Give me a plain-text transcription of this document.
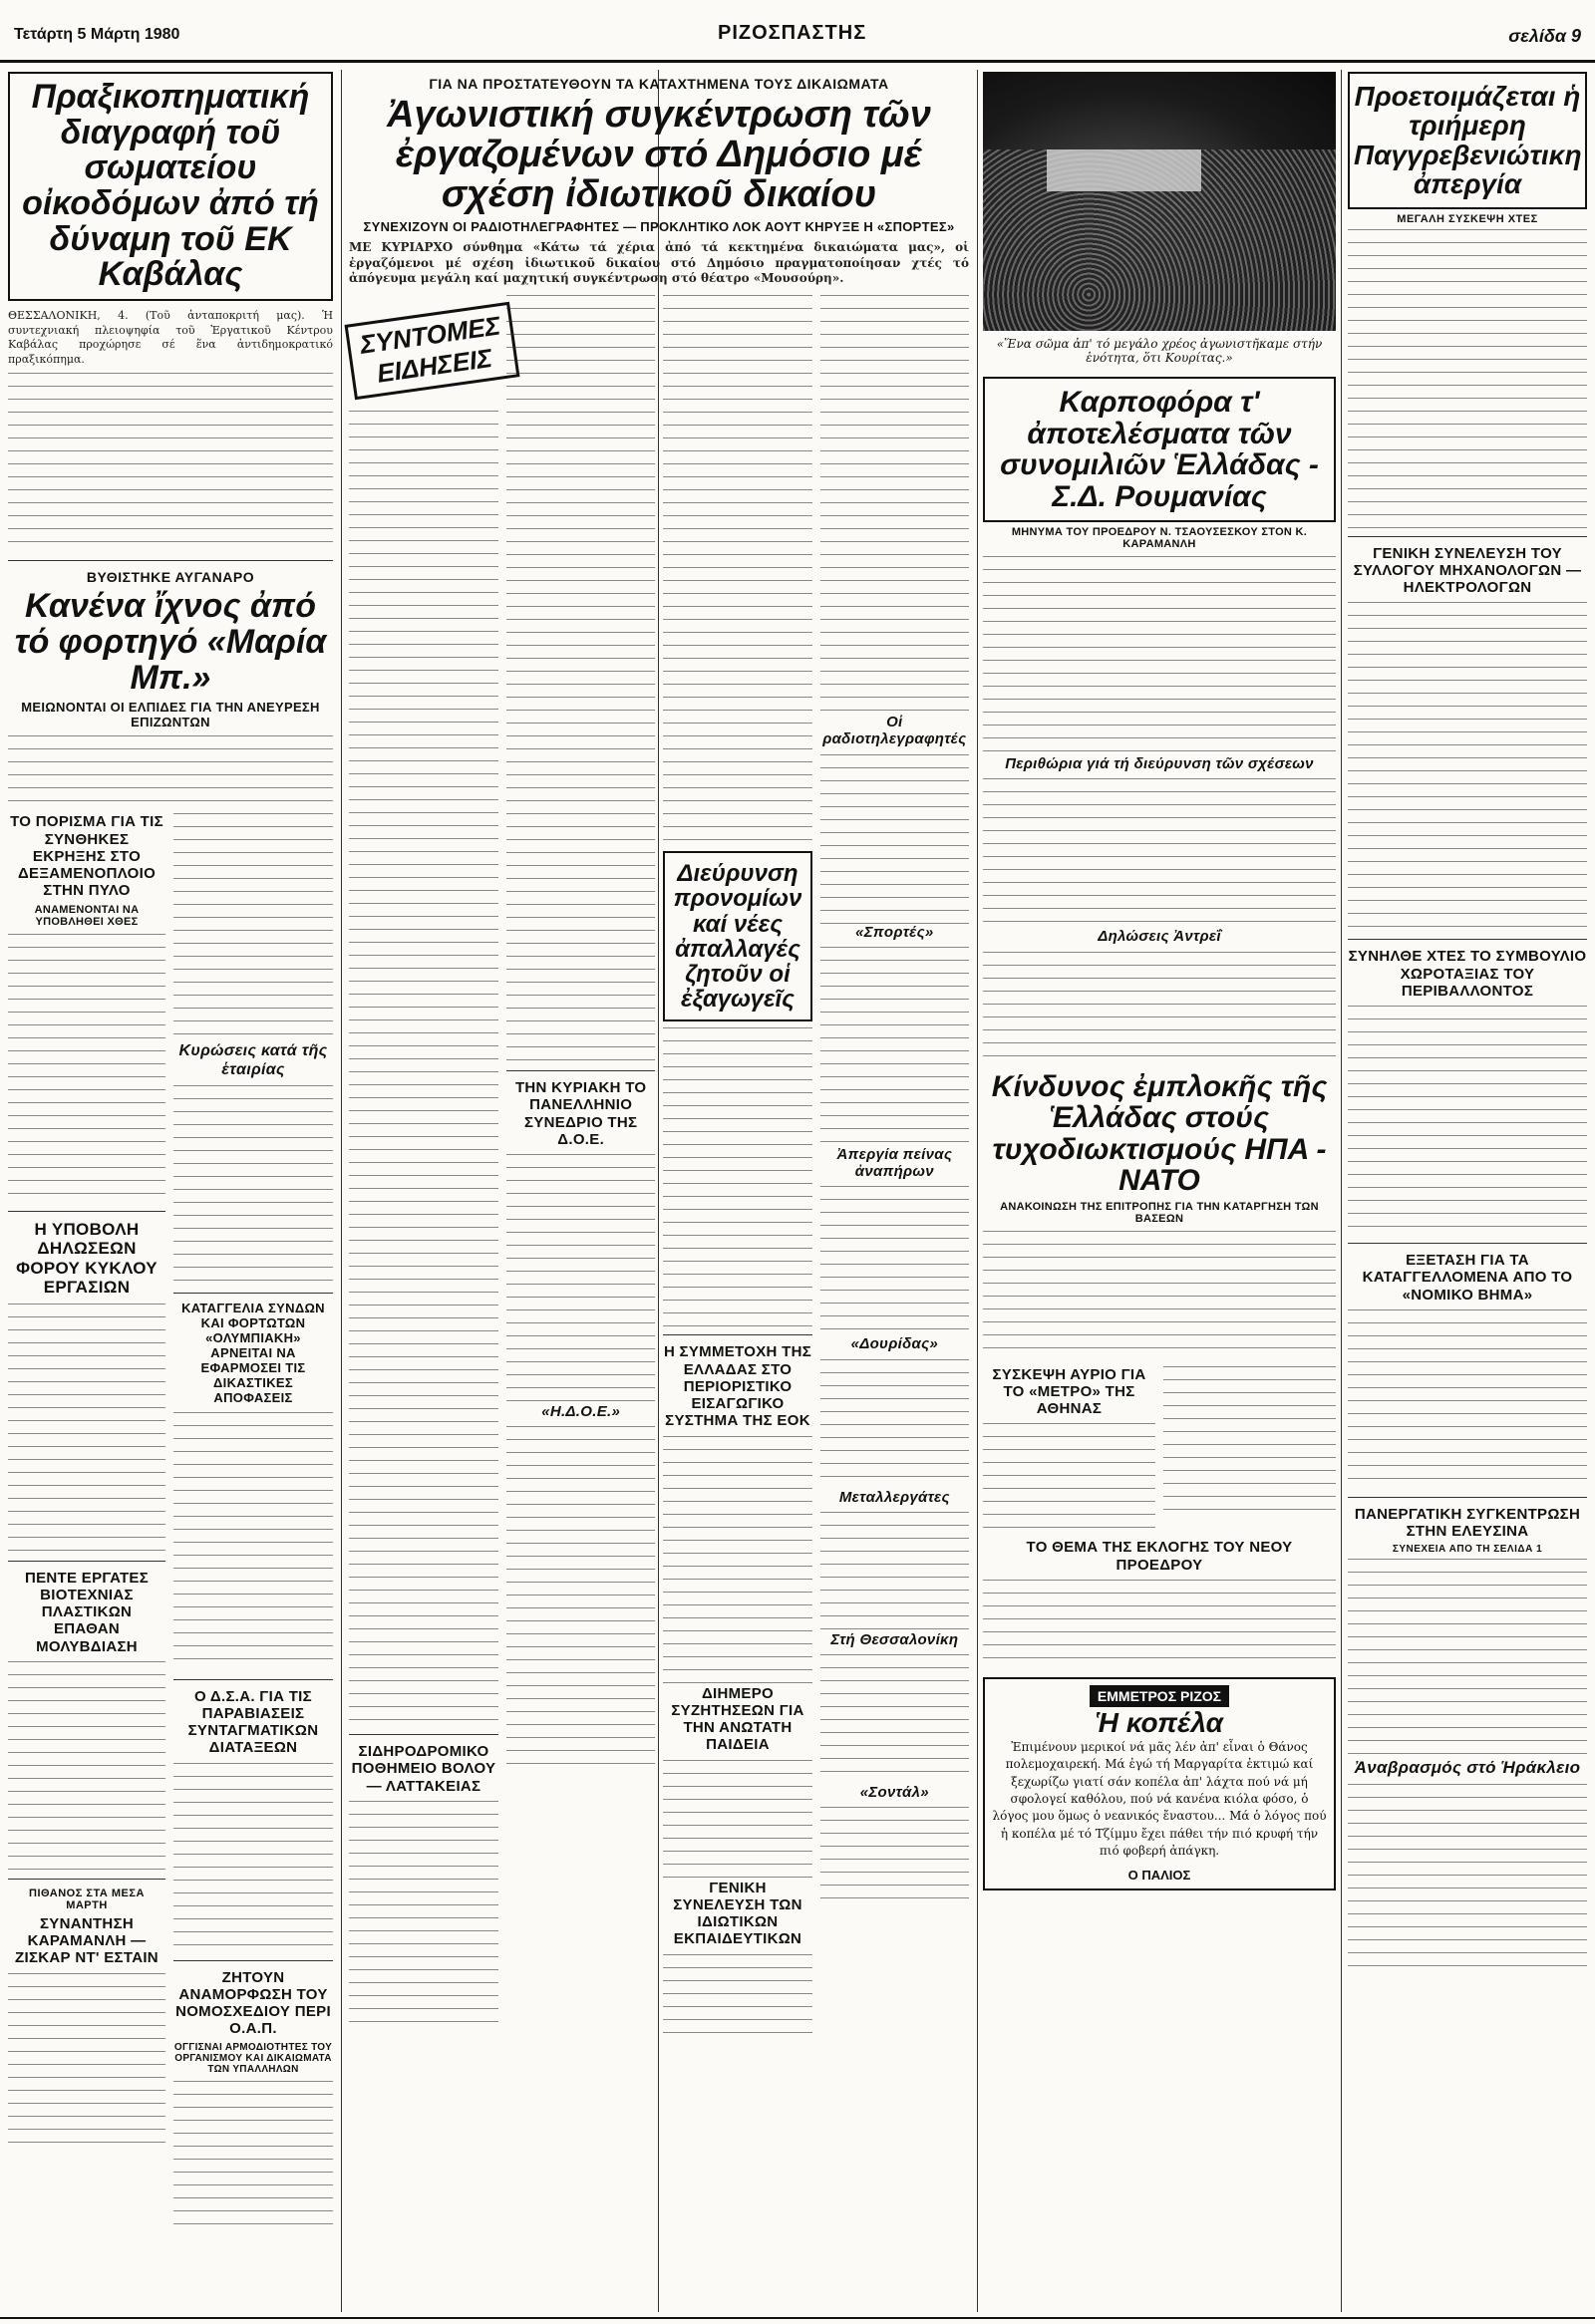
Τετάρτη 5 Μάρτη 1980	ΡΙΖΟΣΠΑΣΤΗΣ	σελίδα 9
Πραξικοπηματική διαγραφή τοῦ σωματείου οἰκοδόμων ἀπό τή δύναμη τοῦ ΕΚ Καβάλας
ΘΕΣΣΑΛΟΝΙΚΗ, 4. (Τοῦ ἀνταποκριτή μας). Ἡ συντεχνιακή πλειοψηφία τοῦ Ἐργατικοῦ Κέντρου Καβάλας προχώρησε σέ ἕνα ἀντιδημοκρατικό πραξικόπημα.
ΒΥΘΙΣΤΗΚΕ ΑΥΓΑΝΑΡΟ
Κανένα ἴχνος ἀπό τό φορτηγό «Μαρία Μπ.»
ΜΕΙΩΝΟΝΤΑΙ ΟΙ ΕΛΠΙΔΕΣ ΓΙΑ ΤΗΝ ΑΝΕΥΡΕΣΗ ΕΠΙΖΩΝΤΩΝ
ΤΟ ΠΟΡΙΣΜΑ ΓΙΑ ΤΙΣ ΣΥΝΘΗΚΕΣ ΕΚΡΗΞΗΣ ΣΤΟ ΔΕΞΑΜΕΝΟΠΛΟΙΟ ΣΤΗΝ ΠΥΛΟ
ΑΝΑΜΕΝΟΝΤΑΙ ΝΑ ΥΠΟΒΛΗΘΕΙ ΧΘΕΣ
Η ΥΠΟΒΟΛΗ ΔΗΛΩΣΕΩΝ ΦΟΡΟΥ ΚΥΚΛΟΥ ΕΡΓΑΣΙΩΝ
ΠΕΝΤΕ ΕΡΓΑΤΕΣ ΒΙΟΤΕΧΝΙΑΣ ΠΛΑΣΤΙΚΩΝ ΕΠΑΘΑΝ ΜΟΛΥΒΔΙΑΣΗ
ΠΙΘΑΝΟΣ ΣΤΑ ΜΕΣΑ ΜΑΡΤΗ
ΣΥΝΑΝΤΗΣΗ ΚΑΡΑΜΑΝΛΗ — ΖΙΣΚΑΡ ΝΤ' ΕΣΤΑΙΝ
Κυρώσεις κατά τῆς ἑταιρίας
ΚΑΤΑΓΓΕΛΙΑ ΣΥΝΔΩΝ ΚΑΙ ΦΟΡΤΩΤΩΝ «ΟΛΥΜΠΙΑΚΗ» ΑΡΝΕΙΤΑΙ ΝΑ ΕΦΑΡΜΟΣΕΙ ΤΙΣ ΔΙΚΑΣΤΙΚΕΣ ΑΠΟΦΑΣΕΙΣ
Ο Δ.Σ.Α. ΓΙΑ ΤΙΣ ΠΑΡΑΒΙΑΣΕΙΣ ΣΥΝΤΑΓΜΑΤΙΚΩΝ ΔΙΑΤΑΞΕΩΝ
ΖΗΤΟΥΝ ΑΝΑΜΟΡΦΩΣΗ ΤΟΥ ΝΟΜΟΣΧΕΔΙΟΥ ΠΕΡΙ Ο.Α.Π.
ΟΓΓΙΣΝΑΙ ΑΡΜΟΔΙΟΤΗΤΕΣ ΤΟΥ ΟΡΓΑΝΙΣΜΟΥ ΚΑΙ ΔΙΚΑΙΩΜΑΤΑ ΤΩΝ ΥΠΑΛΛΗΛΩΝ
ΓΙΑ ΝΑ ΠΡΟΣΤΑΤΕΥΘΟΥΝ ΤΑ ΚΑΤΑΧΤΗΜΕΝΑ ΤΟΥΣ ΔΙΚΑΙΩΜΑΤΑ
Ἀγωνιστική συγκέντρωση τῶν ἐργαζομένων στό Δημόσιο μέ σχέση ἰδιωτικοῦ δικαίου
ΣΥΝΕΧΙΖΟΥΝ ΟΙ ΡΑΔΙΟΤΗΛΕΓΡΑΦΗΤΕΣ — ΠΡΟΚΛΗΤΙΚΟ ΛΟΚ ΑΟΥΤ ΚΗΡΥΞΕ Η «ΣΠΟΡΤΕΣ»
ΜΕ ΚΥΡΙΑΡΧΟ σύνθημα «Κάτω τά χέρια ἀπό τά κεκτημένα δικαιώματα μας», οἱ ἐργαζόμενοι μέ σχέση ἰδιωτικοῦ δικαίου στό Δημόσιο πραγματοποίησαν χτές τό ἀπόγευμα μεγάλη καί μαχητική συγκέντρωση στό θέατρο «Μουσούρη».
ΣΥΝΤΟΜΕΣ ΕΙΔΗΣΕΙΣ
ΣΙΔΗΡΟΔΡΟΜΙΚΟ ΠΟΘΗΜΕΙΟ ΒΟΛΟΥ — ΛΑΤΤΑΚΕΙΑΣ
ΤΗΝ ΚΥΡΙΑΚΗ ΤΟ ΠΑΝΕΛΛΗΝΙΟ ΣΥΝΕΔΡΙΟ ΤΗΣ Δ.Ο.Ε.
«Η.Δ.Ο.Ε.»
Διεύρυνση προνομίων καί νέες ἀπαλλαγές ζητοῦν οἱ ἐξαγωγεῖς
Η ΣΥΜΜΕΤΟΧΗ ΤΗΣ ΕΛΛΑΔΑΣ ΣΤΟ ΠΕΡΙΟΡΙΣΤΙΚΟ ΕΙΣΑΓΩΓΙΚΟ ΣΥΣΤΗΜΑ ΤΗΣ ΕΟΚ
ΔΙΗΜΕΡΟ ΣΥΖΗΤΗΣΕΩΝ ΓΙΑ ΤΗΝ ΑΝΩΤΑΤΗ ΠΑΙΔΕΙΑ
ΓΕΝΙΚΗ ΣΥΝΕΛΕΥΣΗ ΤΩΝ ΙΔΙΩΤΙΚΩΝ ΕΚΠΑΙΔΕΥΤΙΚΩΝ
Οἱ ραδιοτηλεγραφητές
«Σπορτές»
Ἀπεργία πείνας ἀναπήρων
«Δουρίδας»
Μεταλλεργάτες
Στή Θεσσαλονίκη
«Σοντάλ»
«Ἕνα σῶμα ἀπ' τό μεγάλο χρέος ἀγωνιστῆκαμε στήν ἑνότητα, ὅτι Κουρίτας.»
Καρποφόρα τ' ἀποτελέσματα τῶν συνομιλιῶν Ἑλλάδας - Σ.Δ. Ρουμανίας
ΜΗΝΥΜΑ ΤΟΥ ΠΡΟΕΔΡΟΥ Ν. ΤΣΑΟΥΣΕΣΚΟΥ ΣΤΟΝ Κ. ΚΑΡΑΜΑΝΛΗ
Περιθώρια γιά τή διεύρυνση τῶν σχέσεων
Δηλώσεις Ἀντρεΐ
Κίνδυνος ἐμπλοκῆς τῆς Ἑλλάδας στούς τυχοδιωκτισμούς ΗΠΑ - ΝΑΤΟ
ΑΝΑΚΟΙΝΩΣΗ ΤΗΣ ΕΠΙΤΡΟΠΗΣ ΓΙΑ ΤΗΝ ΚΑΤΑΡΓΗΣΗ ΤΩΝ ΒΑΣΕΩΝ
ΣΥΣΚΕΨΗ ΑΥΡΙΟ ΓΙΑ ΤΟ «ΜΕΤΡΟ» ΤΗΣ ΑΘΗΝΑΣ
ΤΟ ΘΕΜΑ ΤΗΣ ΕΚΛΟΓΗΣ ΤΟΥ ΝΕΟΥ ΠΡΟΕΔΡΟΥ
ΕΜΜΕΤΡΟΣ ΡΙΖΟΣ
Ἡ κοπέλα
Ἐπιμένουν μερικοί νά μᾶς λέν ἀπ' εἶναι ὁ Θάνος πολεμοχαιρεκή. Μά ἐγώ τή Μαργαρίτα ἐκτιμώ καί ξεχωρίζω γιατί σάν κοπέλα ἀπ' λάχτα πού νά μή σφολογεί καθόλου, πού νά κανένα κιόλα φόσο, ὁ λόγος μου ὅμως ὁ νεανικός ἔναστου... Μά ὁ λόγος πού ἡ κοπέλα μέ τό Τζίμμυ ἔχει πάθει τήν πιό κρυφή τήν πιό φοβερή ἀπάγκη.
Ο ΠΑΛΙΟΣ
Προετοιμάζεται ἡ τριήμερη Παγγρεβενιώτικη ἀπεργία
ΜΕΓΑΛΗ ΣΥΣΚΕΨΗ ΧΤΕΣ
ΓΕΝΙΚΗ ΣΥΝΕΛΕΥΣΗ ΤΟΥ ΣΥΛΛΟΓΟΥ ΜΗΧΑΝΟΛΟΓΩΝ — ΗΛΕΚΤΡΟΛΟΓΩΝ
ΣΥΝΗΛΘΕ ΧΤΕΣ ΤΟ ΣΥΜΒΟΥΛΙΟ ΧΩΡΟΤΑΞΙΑΣ ΤΟΥ ΠΕΡΙΒΑΛΛΟΝΤΟΣ
ΕΞΕΤΑΣΗ ΓΙΑ ΤΑ ΚΑΤΑΓΓΕΛΛΟΜΕΝΑ ΑΠΟ ΤΟ «ΝΟΜΙΚΟ ΒΗΜΑ»
ΠΑΝΕΡΓΑΤΙΚΗ ΣΥΓΚΕΝΤΡΩΣΗ ΣΤΗΝ ΕΛΕΥΣΙΝΑ
ΣΥΝΕΧΕΙΑ ΑΠΟ ΤΗ ΣΕΛΙΔΑ 1
Ἀναβρασμός στό Ἡράκλειο
